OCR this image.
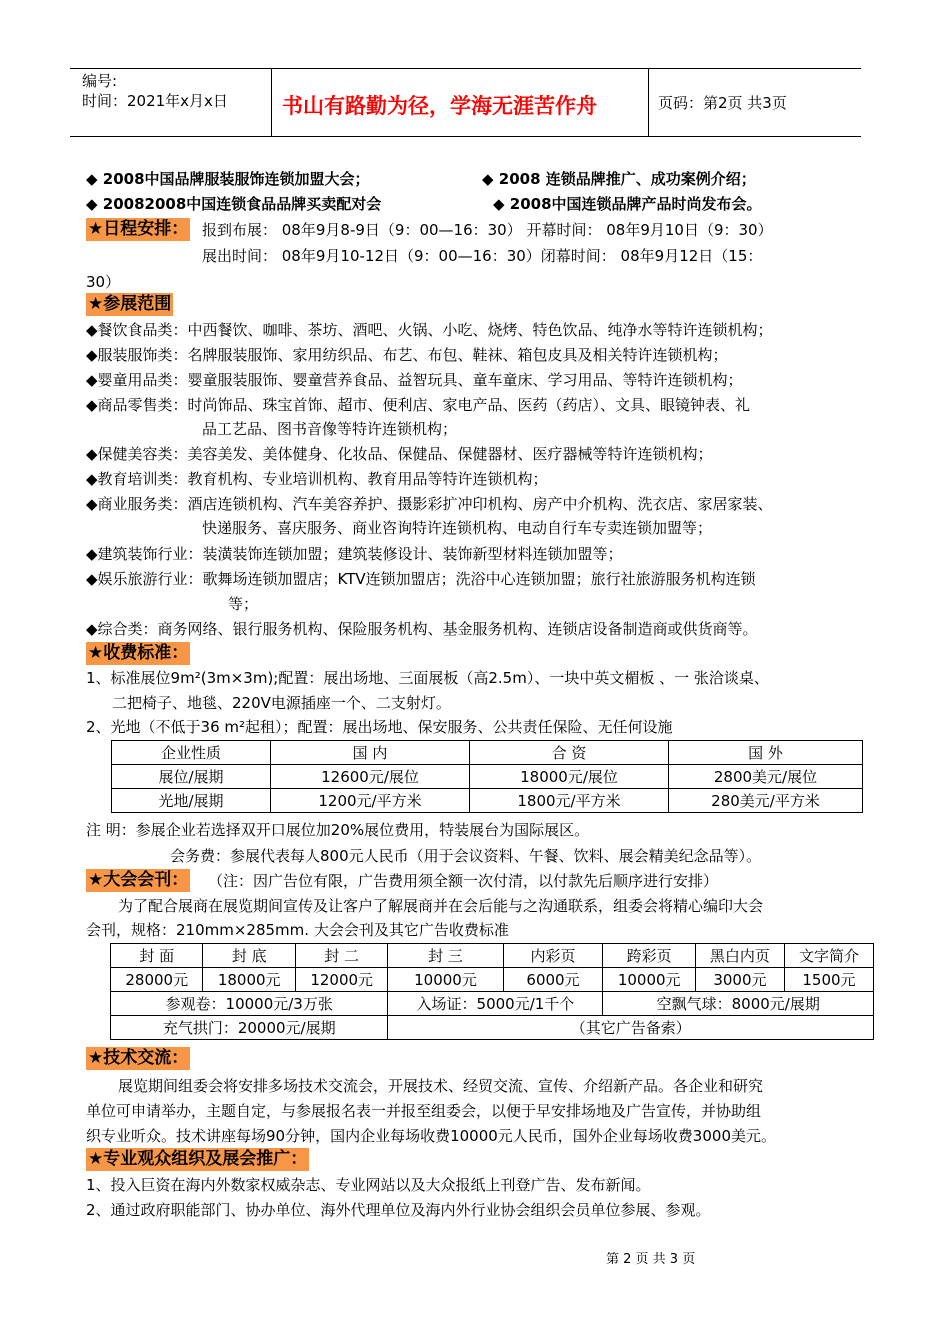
编号:
时间：2021年x月x日	书山有路勤为径，学海无涯苦作舟	页码：第2页 共3页
◆ 2008中国品牌服装服饰连锁加盟大会；	◆ 2008 连锁品牌推广、成功案例介绍；
◆ 20082008中国连锁食品品牌买卖配对会	◆ 2008中国连锁品牌产品时尚发布会。
★日程安排： 报到布展： 08年9月8-9日（9：00—16：30） 开幕时间： 08年9月10日（9：30）
展出时间： 08年9月10-12日（9：00—16：30）闭幕时间： 08年9月12日（15：
30）
★参展范围
◆餐饮食品类：中西餐饮、咖啡、茶坊、酒吧、火锅、小吃、烧烤、特色饮品、纯净水等特许连锁机构；
◆服装服饰类：名牌服装服饰、家用纺织品、布艺、布包、鞋袜、箱包皮具及相关特许连锁机构；
◆婴童用品类：婴童服装服饰、婴童营养食品、益智玩具、童车童床、学习用品、等特许连锁机构；
◆商品零售类：时尚饰品、珠宝首饰、超市、便利店、家电产品、医药（药店）、文具、眼镜钟表、礼
品工艺品、图书音像等特许连锁机构；
◆保健美容类：美容美发、美体健身、化妆品、保健品、保健器材、医疗器械等特许连锁机构；
◆教育培训类：教育机构、专业培训机构、教育用品等特许连锁机构；
◆商业服务类：酒店连锁机构、汽车美容养护、摄影彩扩冲印机构、房产中介机构、洗衣店、家居家装、
快递服务、喜庆服务、商业咨询特许连锁机构、电动自行车专卖连锁加盟等；
◆建筑装饰行业：装潢装饰连锁加盟；建筑装修设计、装饰新型材料连锁加盟等；
◆娱乐旅游行业：歌舞场连锁加盟店；KTV连锁加盟店；洗浴中心连锁加盟；旅行社旅游服务机构连锁
等；
◆综合类：商务网络、银行服务机构、保险服务机构、基金服务机构、连锁店设备制造商或供货商等。
★收费标准：
1、标准展位9m²(3m×3m);配置：展出场地、三面展板（高2.5m）、一块中英文楣板 、一 张洽谈桌、
二把椅子、地毯、220V电源插座一个、二支射灯。
2、光地（不低于36 m²起租）；配置：展出场地、保安服务、公共责任保险、无任何设施
企业性质	国 内	合 资	国 外
展位/展期	12600元/展位	18000元/展位	2800美元/展位
光地/展期	1200元/平方米	1800元/平方米	280美元/平方米
注 明：参展企业若选择双开口展位加20%展位费用，特装展台为国际展区。
会务费：参展代表每人800元人民币（用于会议资料、午餐、饮料、展会精美纪念品等）。
★大会会刊： （注：因广告位有限，广告费用须全额一次付清，以付款先后顺序进行安排）
为了配合展商在展览期间宣传及让客户了解展商并在会后能与之沟通联系，组委会将精心编印大会
会刊，规格：210mm×285mm. 大会会刊及其它广告收费标准
封 面	封 底	封 二	封 三	内彩页	跨彩页	黑白内页	文字简介
28000元	18000元	12000元	10000元	6000元	10000元	3000元	1500元
参观卷：10000元/3万张			入场证：5000元/1千个		空飘气球：8000元/展期		
充气拱门：20000元/展期			（其它广告备索）				
★技术交流：
展览期间组委会将安排多场技术交流会，开展技术、经贸交流、宣传、介绍新产品。各企业和研究
单位可申请举办，主题自定，与参展报名表一并报至组委会，以便于早安排场地及广告宣传，并协助组
织专业听众。技术讲座每场90分钟，国内企业每场收费10000元人民币，国外企业每场收费3000美元。
★专业观众组织及展会推广：
1、投入巨资在海内外数家权威杂志、专业网站以及大众报纸上刊登广告、发布新闻。
2、通过政府职能部门、协办单位、海外代理单位及海内外行业协会组织会员单位参展、参观。
第 2 页 共 3 页
